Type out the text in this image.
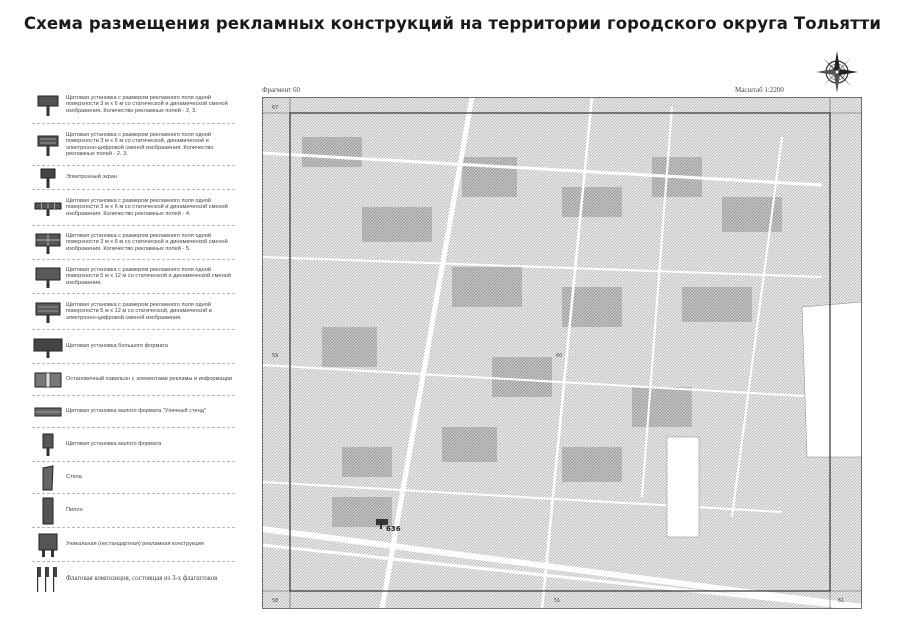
Схема размещения рекламных конструкций на территории городского округа Тольятти
Щитовая установка с размером рекламного поля одной поверхности 3 м х 6 м со статической и динамической сменой изображения. Количество рекламных полей - 2, 3.
Щитовая установка с размером рекламного поля одной поверхности 3 м х 6 м со статической, динамической и электронно-цифровой сменой изображения. Количество рекламных полей - 2, 3.
Электронный экран
Щитовая установка с размером рекламного поля одной поверхности 3 м х 6 м со статической и динамической сменой изображения. Количество рекламных полей - 4.
Щитовая установка с размером рекламного поля одной поверхности 3 м х 6 м со статической и динамической сменой изображения. Количество рекламных полей - 5.
Щитовая установка с размером рекламного поля одной поверхности 5 м х 12 м со статической и динамической сменой изображения.
Щитовая установка с размером рекламного поля одной поверхности 5 м х 12 м со статической, динамической и электронно-цифровой сменой изображения.
Щитовая установка большого формата
Остановочный павильон с элементами рекламы и информации
Щитовая установка малого формата "Уличный стенд"
Щитовая установка малого формата
Стела
Пилон
Уникальная (нестандартная) рекламная конструкция
Флаговая композиция, состоящая из 3-х флагштоков
Фрагмент 60	Масштаб 1:2200
636
67
59	60
58	51	61
